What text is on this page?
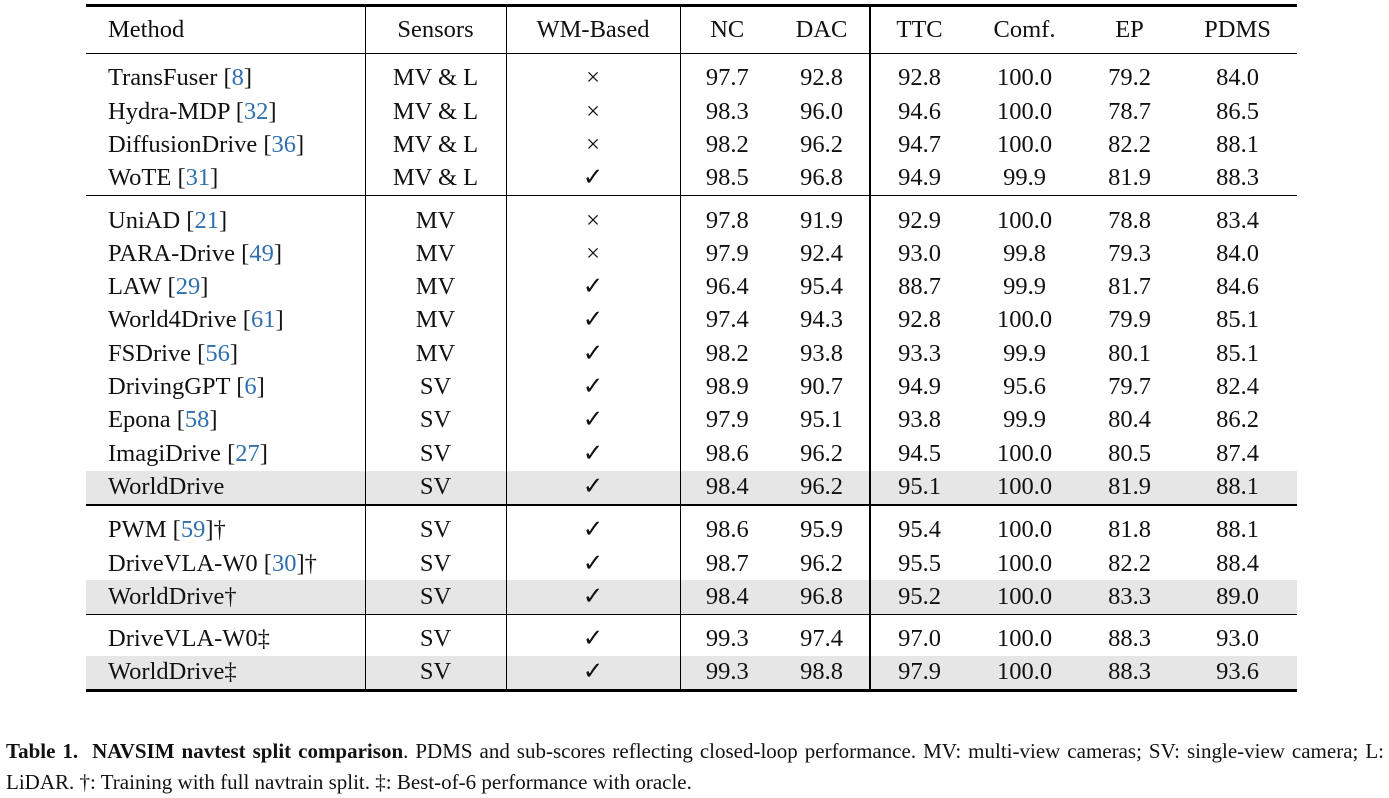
Method	Sensors	WM-Based	NC	DAC	TTC	Comf.	EP	PDMS
TransFuser [8]	MV & L	×	97.7	92.8	92.8	100.0	79.2	84.0
Hydra-MDP [32]	MV & L	×	98.3	96.0	94.6	100.0	78.7	86.5
DiffusionDrive [36]	MV & L	×	98.2	96.2	94.7	100.0	82.2	88.1
WoTE [31]	MV & L	✓	98.5	96.8	94.9	99.9	81.9	88.3
UniAD [21]	MV	×	97.8	91.9	92.9	100.0	78.8	83.4
PARA-Drive [49]	MV	×	97.9	92.4	93.0	99.8	79.3	84.0
LAW [29]	MV	✓	96.4	95.4	88.7	99.9	81.7	84.6
World4Drive [61]	MV	✓	97.4	94.3	92.8	100.0	79.9	85.1
FSDrive [56]	MV	✓	98.2	93.8	93.3	99.9	80.1	85.1
DrivingGPT [6]	SV	✓	98.9	90.7	94.9	95.6	79.7	82.4
Epona [58]	SV	✓	97.9	95.1	93.8	99.9	80.4	86.2
ImagiDrive [27]	SV	✓	98.6	96.2	94.5	100.0	80.5	87.4
WorldDrive	SV	✓	98.4	96.2	95.1	100.0	81.9	88.1
PWM [59]†	SV	✓	98.6	95.9	95.4	100.0	81.8	88.1
DriveVLA-W0 [30]†	SV	✓	98.7	96.2	95.5	100.0	82.2	88.4
WorldDrive†	SV	✓	98.4	96.8	95.2	100.0	83.3	89.0
DriveVLA-W0‡	SV	✓	99.3	97.4	97.0	100.0	88.3	93.0
WorldDrive‡	SV	✓	99.3	98.8	97.9	100.0	88.3	93.6
Table 1. NAVSIM navtest split comparison. PDMS and sub-scores reflecting closed-loop performance. MV: multi-view cameras; SV: single-view camera; L: LiDAR. †: Training with full navtrain split. ‡: Best-of-6 performance with oracle.
